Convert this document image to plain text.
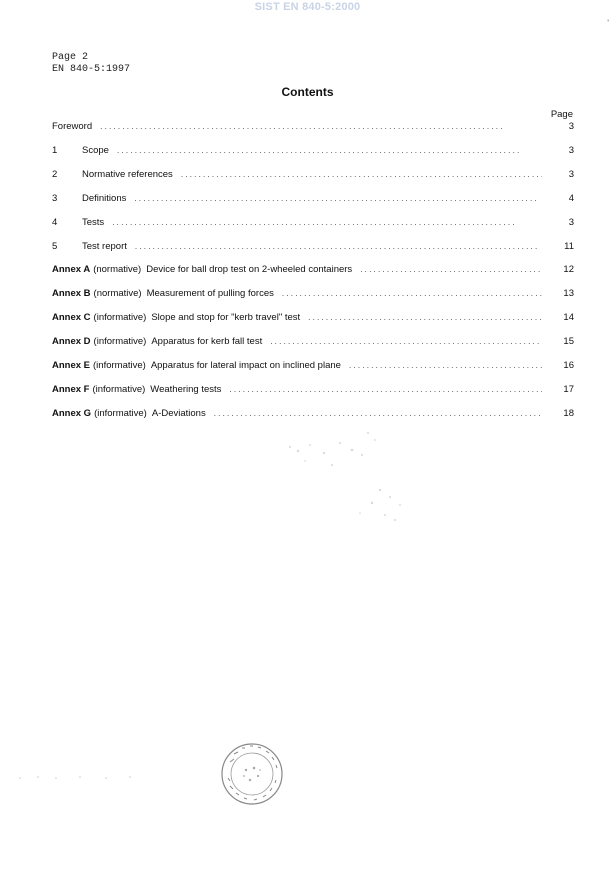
SIST EN 840-5:2000
'
Page 2
EN 840-5:1997
Contents
Page
Foreword . . .	3
1	Scope . . .	3
2	Normative references . . .	3
3	Definitions . . .	4
4	Tests . . .	3
5	Test report . . .	11
Annex A (normative) Device for ball drop test on 2-wheeled containers . . .	12
Annex B (normative) Measurement of pulling forces . . .	13
Annex C (informative) Slope and stop for "kerb travel" test . . .	14
Annex D (informative) Apparatus for kerb fall test . . .	15
Annex E (informative) Apparatus for lateral impact on inclined plane . . .	16
Annex F (informative) Weathering tests . . .	17
Annex G (informative) A-Deviations . . .	18
